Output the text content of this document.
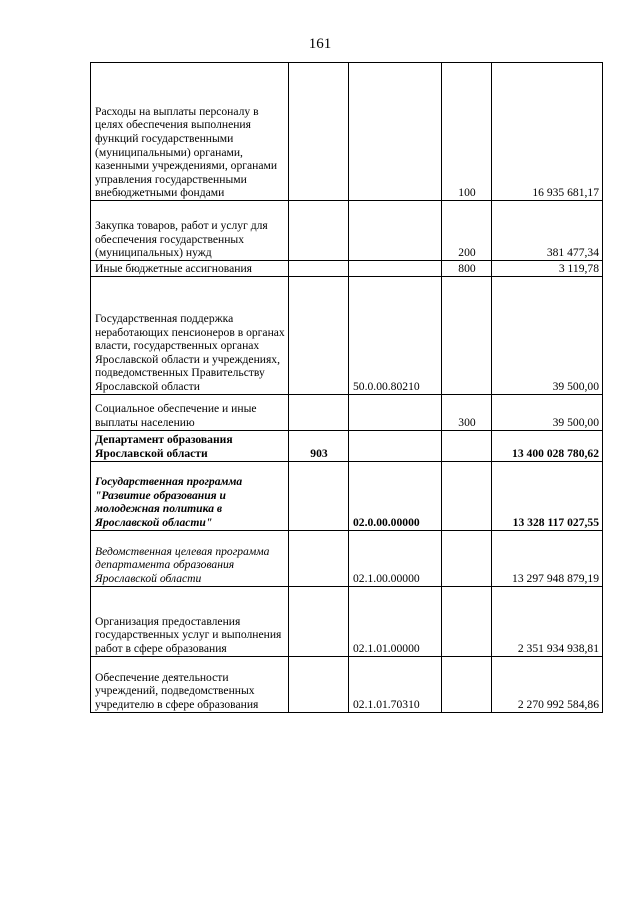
161
Расходы на выплаты персоналу в целях обеспечения выполнения функций государственными (муниципальными) органами, казенными учреждениями, органами управления государственными внебюджетными фондами			100	16 935 681,17
Закупка товаров, работ и услуг для обеспечения государственных (муниципальных) нужд			200	381 477,34
Иные бюджетные ассигнования			800	3 119,78
Государственная поддержка неработающих пенсионеров в органах власти, государственных органах Ярославской области и учреждениях, подведомственных Правительству Ярославской области		50.0.00.80210		39 500,00
Социальное обеспечение и иные выплаты населению			300	39 500,00
Департамент образования Ярославской области	903			13 400 028 780,62
Государственная программа "Развитие образования и молодежная политика в Ярославской области"		02.0.00.00000		13 328 117 027,55
Ведомственная целевая программа департамента образования Ярославской области		02.1.00.00000		13 297 948 879,19
Организация предоставления государственных услуг и выполнения работ в сфере образования		02.1.01.00000		2 351 934 938,81
Обеспечение деятельности учреждений, подведомственных учредителю в сфере образования		02.1.01.70310		2 270 992 584,86
